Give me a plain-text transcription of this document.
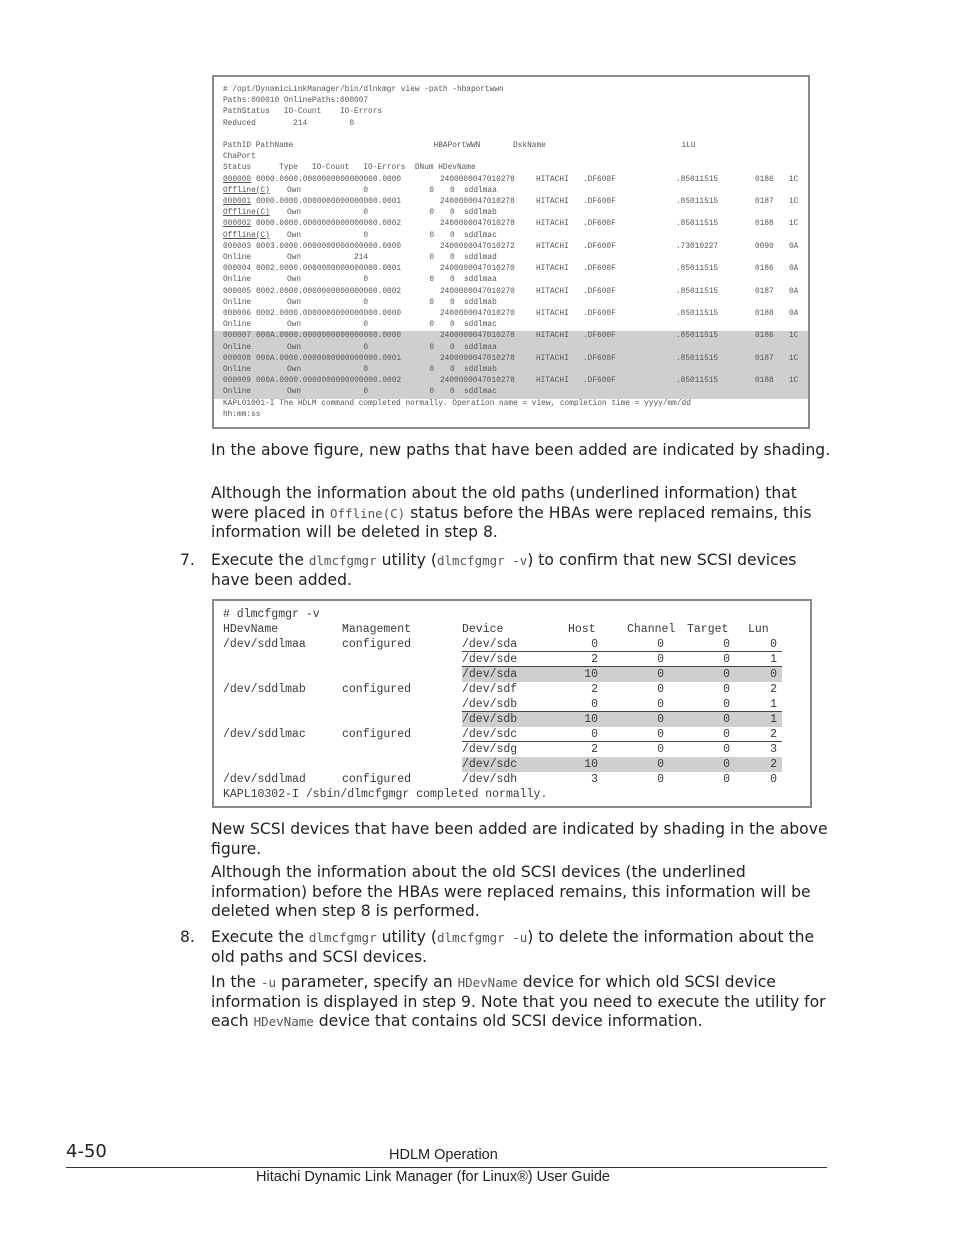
# /opt/DynamicLinkManager/bin/dlnkmgr view -path -hbaportwwn
Paths:000010 OnlinePaths:000007
PathStatus   IO-Count    IO-Errors
Reduced        214         0
PathID PathName                              HBAPortWWN       DskName                             iLU
ChaPort
Status      Type   IO-Count   IO-Errors  DNum HDevName
000000 0000.0000.0000000000000000.0000	2400000047010278	HITACHI .DF600F	.85011515	0186 1C
Offline(C) Own	0	0 0 sddlmaa
000001 0000.0000.0000000000000000.0001	2400000047010278	HITACHI .DF600F	.85011515	0187 1C
Offline(C) Own	0	0 0 sddlmab
000002 0000.0000.0000000000000000.0002	2400000047010278	HITACHI .DF600F	.85011515	0188 1C
Offline(C) Own	0	0 0 sddlmac
000003 0003.0000.0000000000000000.0000	2400000047010272	HITACHI .DF600F	.73010227	0090 0A
Online	Own	214	0 0 sddlmad
000004 0002.0000.0000000000000000.0001	2400000047010270	HITACHI .DF600F	.85011515	0186 0A
Online	Own	0	0 0 sddlmaa
000005 0002.0000.0000000000000000.0002	2400000047010270	HITACHI .DF600F	.85011515	0187 0A
Online	Own	0	0 0 sddlmab
000006 0002.0000.0000000000000000.0000	2400000047010270	HITACHI .DF600F	.85011515	0188 0A
Online	Own	0	0 0 sddlmac
000007 000A.0000.0000000000000000.0000	2400000047010278	HITACHI .DF600F	.85011515	0186 1C
Online	Own	0	0 0 sddlmaa
000008 000A.0000.0000000000000000.0001	2400000047010278	HITACHI .DF600F	.85011515	0187 1C
Online	Own	0	0 0 sddlmab
000009 000A.0000.0000000000000000.0002	2400000047010278	HITACHI .DF600F	.85011515	0188 1C
Online	Own	0	0 0 sddlmac
KAPL01001-I The HDLM command completed normally. Operation name = view, completion time = yyyy/mm/dd
hh:mm:ss
In the above figure, new paths that have been added are indicated by shading.
Although the information about the old paths (underlined information) that were placed in Offline(C) status before the HBAs were replaced remains, this information will be deleted in step 8.
7. Execute the dlmcfgmgr utility (dlmcfgmgr -v) to confirm that new SCSI devices have been added.
# dlmcfgmgr -v
HDevName	Management	Device	Host	Channel Target Lun
/dev/sddlmaa	configured	/dev/sda	0	0	0	0
/dev/sde	2	0	0	1
/dev/sda	10	0	0	0
/dev/sddlmab	configured	/dev/sdf	2	0	0	2
/dev/sdb	0	0	0	1
/dev/sdb	10	0	0	1
/dev/sddlmac	configured	/dev/sdc	0	0	0	2
/dev/sdg	2	0	0	3
/dev/sdc	10	0	0	2
/dev/sddlmad	configured	/dev/sdh	3	0	0	0
KAPL10302-I /sbin/dlmcfgmgr completed normally.
New SCSI devices that have been added are indicated by shading in the above figure.
Although the information about the old SCSI devices (the underlined information) before the HBAs were replaced remains, this information will be deleted when step 8 is performed.
8. Execute the dlmcfgmgr utility (dlmcfgmgr -u) to delete the information about the old paths and SCSI devices.
In the -u parameter, specify an HDevName device for which old SCSI device information is displayed in step 9. Note that you need to execute the utility for each HDevName device that contains old SCSI device information.
4-50	HDLM Operation
Hitachi Dynamic Link Manager (for Linux®) User Guide
